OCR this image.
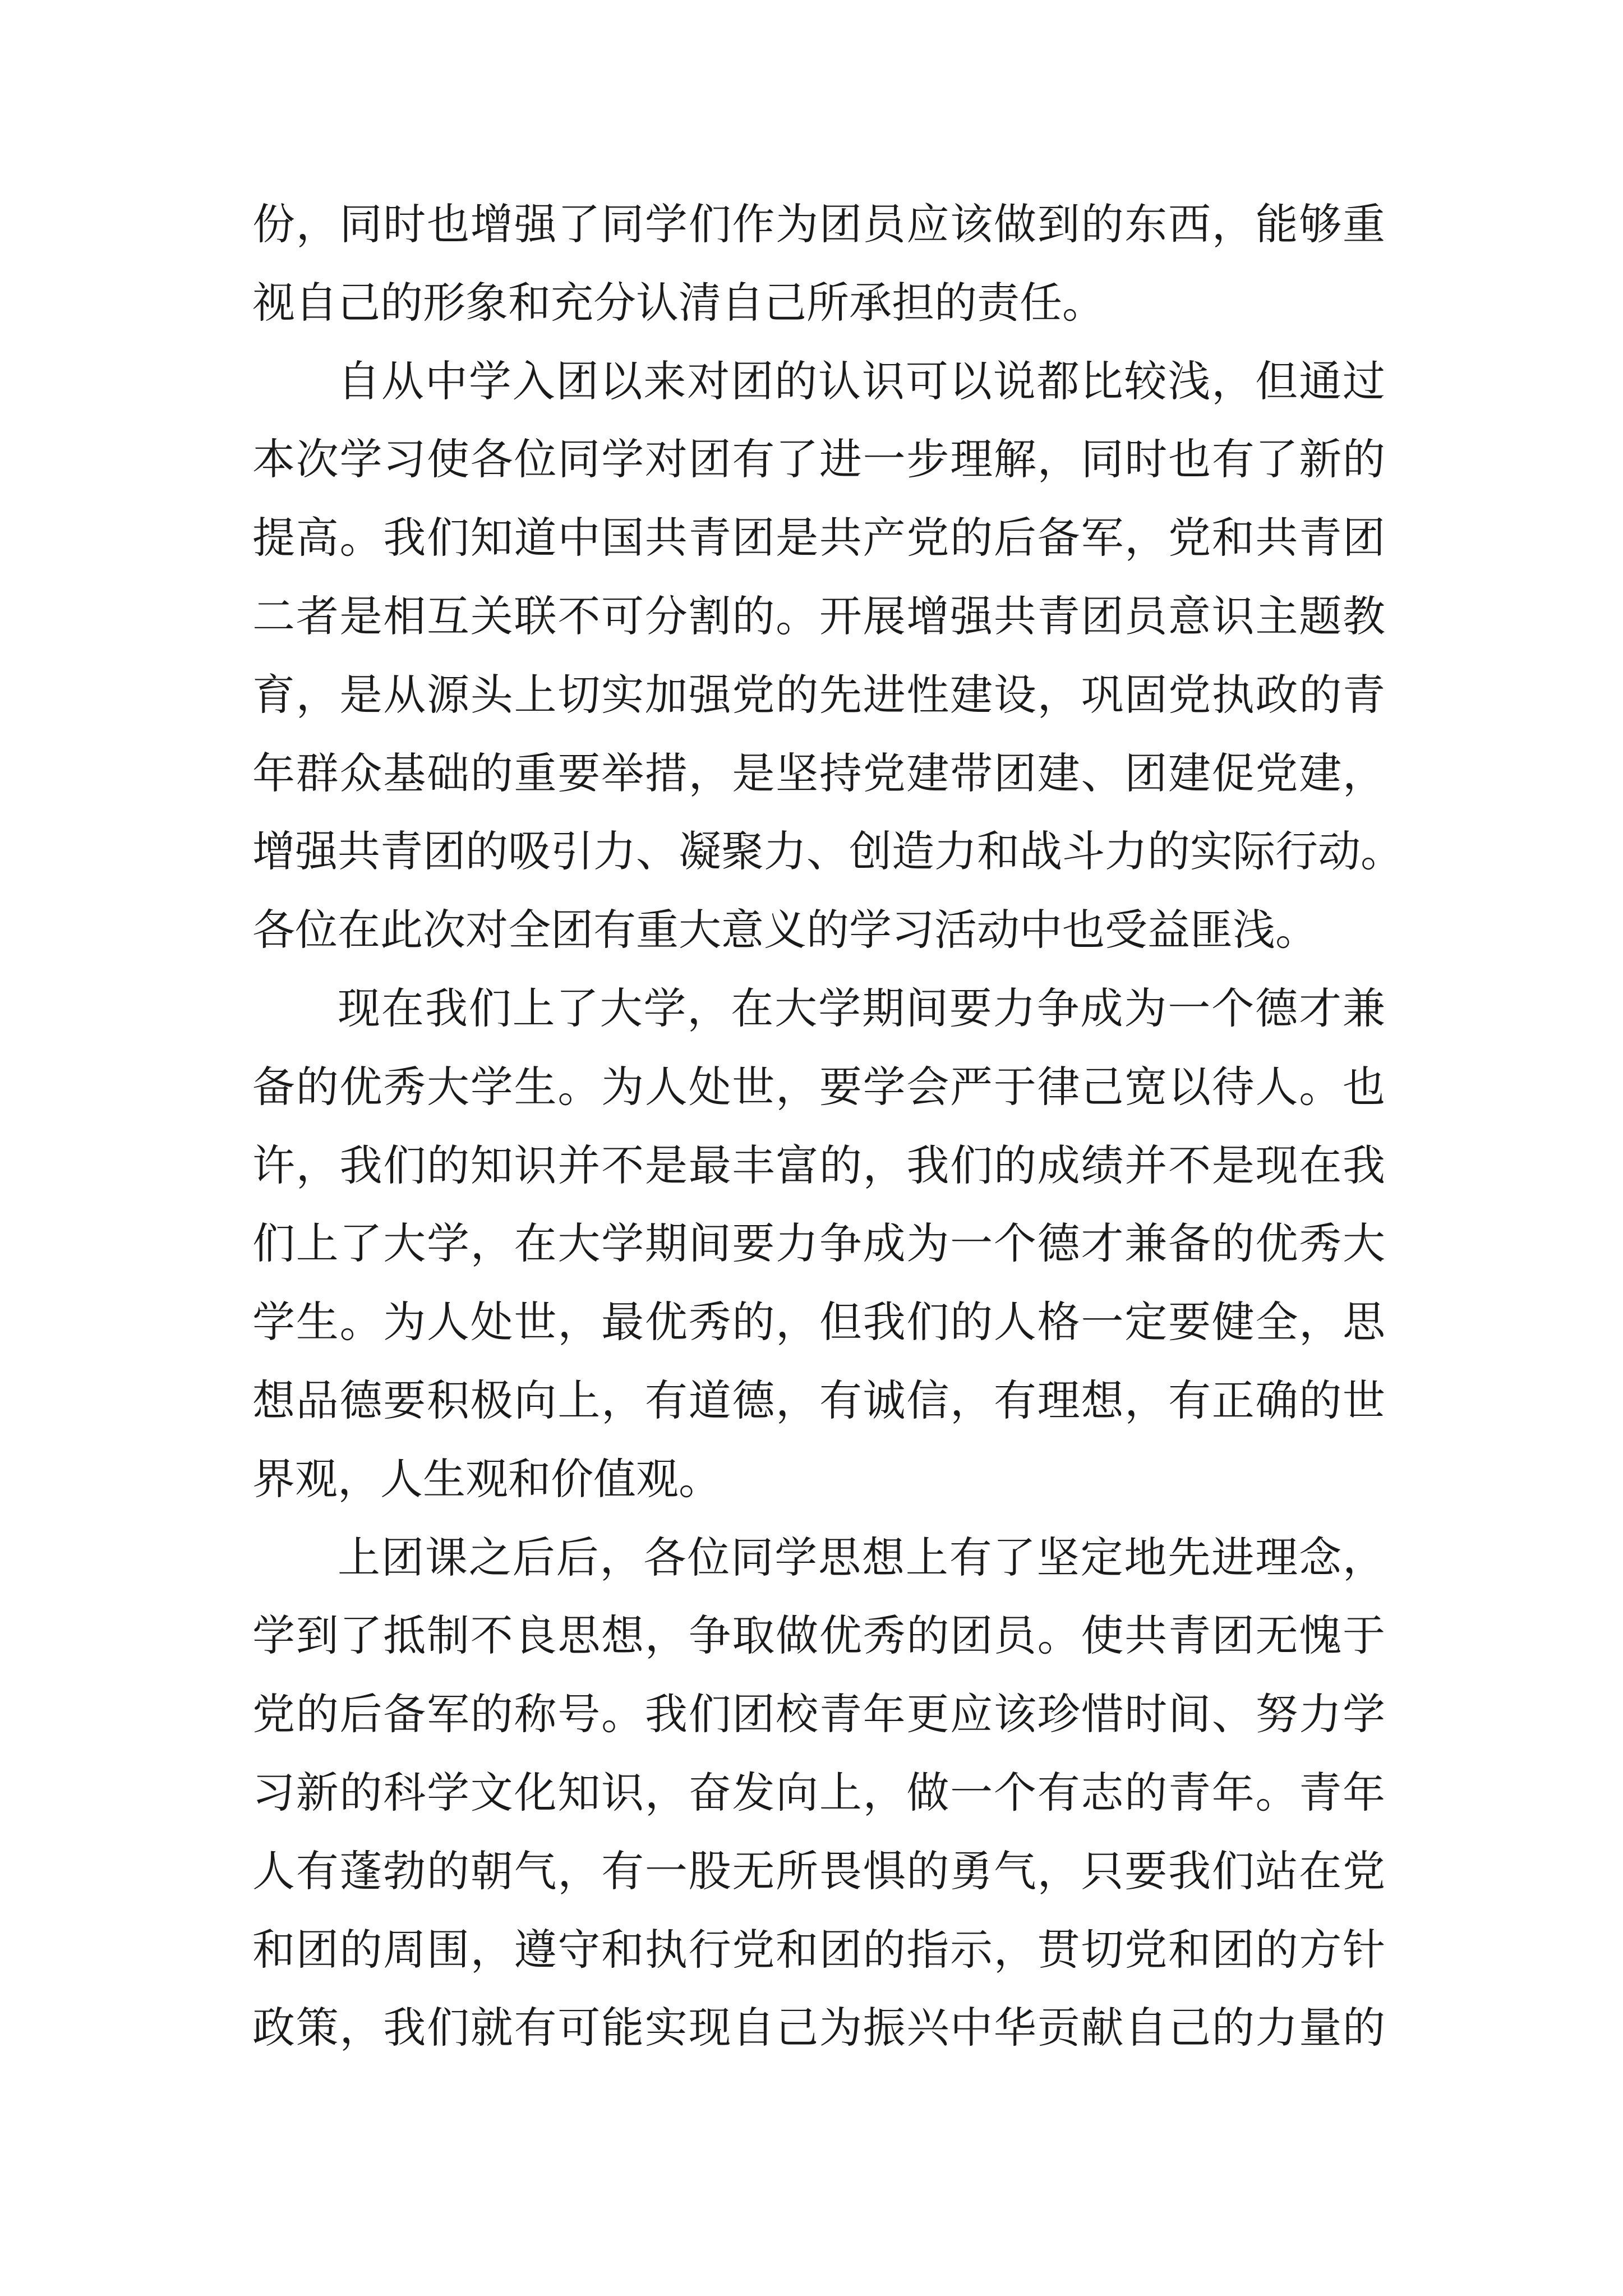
份，同时也增强了同学们作为团员应该做到的东西，能够重
视自己的形象和充分认清自己所承担的责任。
自从中学入团以来对团的认识可以说都比较浅，但通过
本次学习使各位同学对团有了进一步理解，同时也有了新的
提高。我们知道中国共青团是共产党的后备军，党和共青团
二者是相互关联不可分割的。开展增强共青团员意识主题教
育，是从源头上切实加强党的先进性建设，巩固党执政的青
年群众基础的重要举措，是坚持党建带团建、团建促党建，
增强共青团的吸引力、凝聚力、创造力和战斗力的实际行动。
各位在此次对全团有重大意义的学习活动中也受益匪浅。
现在我们上了大学，在大学期间要力争成为一个德才兼
备的优秀大学生。为人处世，要学会严于律己宽以待人。也
许，我们的知识并不是最丰富的，我们的成绩并不是现在我
们上了大学，在大学期间要力争成为一个德才兼备的优秀大
学生。为人处世，最优秀的，但我们的人格一定要健全，思
想品德要积极向上，有道德，有诚信，有理想，有正确的世
界观，人生观和价值观。
上团课之后后，各位同学思想上有了坚定地先进理念，
学到了抵制不良思想，争取做优秀的团员。使共青团无愧于
党的后备军的称号。我们团校青年更应该珍惜时间、努力学
习新的科学文化知识，奋发向上，做一个有志的青年。青年
人有蓬勃的朝气，有一股无所畏惧的勇气，只要我们站在党
和团的周围，遵守和执行党和团的指示，贯切党和团的方针
政策，我们就有可能实现自己为振兴中华贡献自己的力量的
